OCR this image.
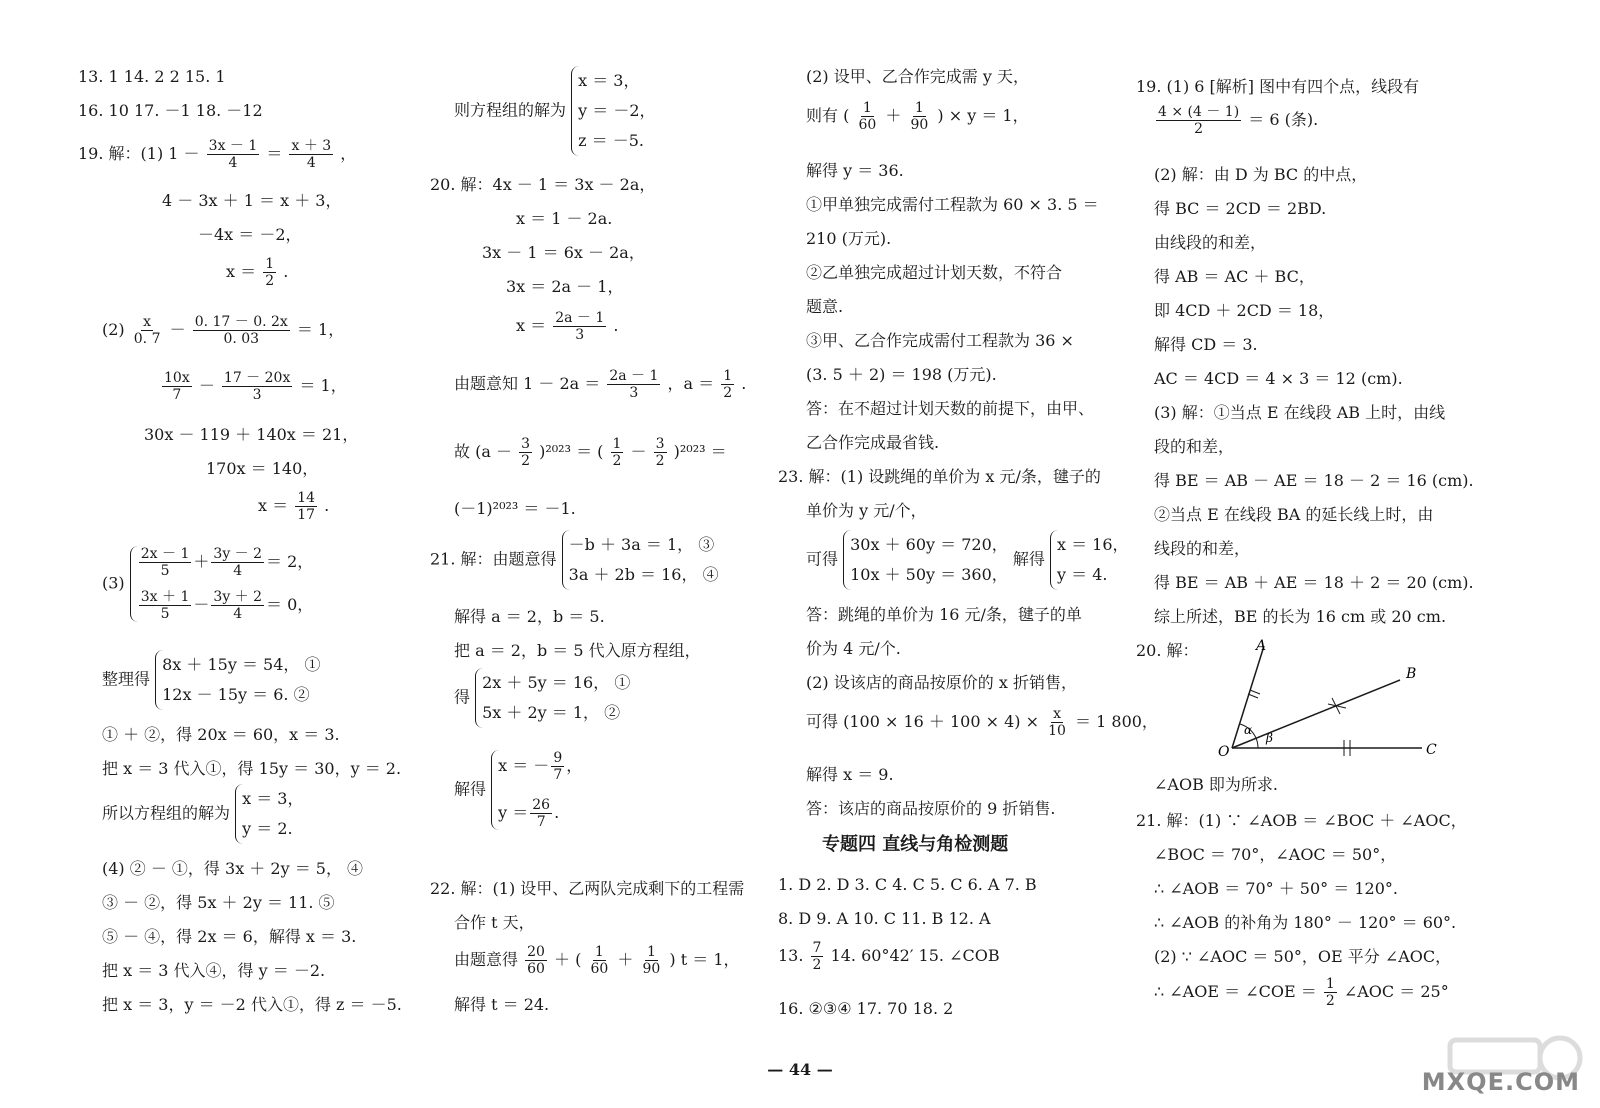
13. 1 14. 2 2 15. 1
16. 10 17. －1 18. －12
19. 解：(1) $1 - \frac{3x - 1}{4} = \frac{x + 3}{4}$ ，
4 － 3x ＋ 1 ＝ x ＋ 3，
－4x ＝ －2，
$x = \frac{1}{2}$ .
$(2) \frac{x}{0. 7} - \frac{0. 17 - 0. 2x}{0. 03} = 1$，
$\frac{10x}{7} - \frac{17 - 20x}{3} = 1$，
30x － 119 ＋ 140x ＝ 21，
170x ＝ 140，
$x = \frac{14}{17}$ .
(3)
$\frac{2x - 1}{5} + \frac{3y - 2}{4} = 2$，
$\frac{3x + 1}{5} - \frac{3y + 2}{4} = 0$，
整理得
8x ＋ 15y ＝ 54， ①
12x － 15y ＝ 6. ②
① ＋ ②，得 20x ＝ 60，x ＝ 3.
把 x ＝ 3 代入①，得 15y ＝ 30，y ＝ 2.
所以方程组的解为
x ＝ 3，
y ＝ 2.
(4) ② － ①，得 3x ＋ 2y ＝ 5， ④
③ － ②，得 5x ＋ 2y ＝ 11. ⑤
⑤ － ④，得 2x ＝ 6，解得 x ＝ 3.
把 x ＝ 3 代入④，得 y ＝ －2.
把 x ＝ 3，y ＝ －2 代入①，得 z ＝ －5.
则方程组的解为
x ＝ 3，
y ＝ －2，
z ＝ －5.
20. 解：4x － 1 ＝ 3x － 2a，
x ＝ 1 － 2a.
3x － 1 ＝ 6x － 2a，
3x ＝ 2a － 1，
$x = \frac{2a - 1}{3}$ .
由题意知 $1 - 2a = \frac{2a - 1}{3}$ ，$a = \frac{1}{2}$ .
故 $(a - \frac{3}{2} )^{2023}$ ＝ ( $\frac{1}{2} - \frac{3}{2} )^{2023}$ ＝
(－1)²⁰²³ ＝ －1.
21. 解：由题意得
－b ＋ 3a ＝ 1， ③
3a ＋ 2b ＝ 16， ④
解得 a ＝ 2，b ＝ 5.
把 a ＝ 2，b ＝ 5 代入原方程组，
得
2x ＋ 5y ＝ 16， ①
5x ＋ 2y ＝ 1， ②
解得
x ＝ － $\frac{9}{7}$ ，
$y = \frac{26}{7}$ .
22. 解：(1) 设甲、乙两队完成剩下的工程需
合作 t 天，
由题意得 $\frac{20}{60}$ ＋ ( $\frac{1}{60} + \frac{1}{90}$ ) t ＝ 1，
解得 t ＝ 24.
(2) 设甲、乙合作完成需 y 天，
则有 ( $\frac{1}{60} + \frac{1}{90}$ ) × y ＝ 1，
解得 y ＝ 36.
①甲单独完成需付工程款为 60 × 3. 5 ＝
210 (万元).
②乙单独完成超过计划天数，不符合
题意.
③甲、乙合作完成需付工程款为 36 ×
(3. 5 ＋ 2) ＝ 198 (万元).
答：在不超过计划天数的前提下，由甲、
乙合作完成最省钱.
23. 解：(1) 设跳绳的单价为 x 元/条，毽子的
单价为 y 元/个，
可得
30x ＋ 60y ＝ 720，
10x ＋ 50y ＝ 360，
解得
x ＝ 16，
y ＝ 4.
答：跳绳的单价为 16 元/条，毽子的单
价为 4 元/个.
(2) 设该店的商品按原价的 x 折销售，
可得 $(100 \times 16 + 100 \times 4) \times \frac{x}{10} = 1$ 800，
解得 x ＝ 9.
答：该店的商品按原价的 9 折销售.
专题四 直线与角检测题
1. D 2. D 3. C 4. C 5. C 6. A 7. B
8. D 9. A 10. C 11. B 12. A
13. $\frac{7}{2} 14$. 60°42′ 15. ∠COB
16. ②③④ 17. 70 18. 2
19. (1) 6 [解析] 图中有四个点，线段有
$\frac{4 \times (4 - 1)}{2} = 6$ (条).
(2) 解：由 D 为 BC 的中点，
得 BC ＝ 2CD ＝ 2BD.
由线段的和差，
得 AB ＝ AC ＋ BC，
即 4CD ＋ 2CD ＝ 18，
解得 CD ＝ 3.
AC ＝ 4CD ＝ 4 × 3 ＝ 12 (cm).
(3) 解：①当点 E 在线段 AB 上时，由线
段的和差，
得 BE ＝ AB － AE ＝ 18 － 2 ＝ 16 (cm).
②当点 E 在线段 BA 的延长线上时，由
线段的和差，
得 BE ＝ AB ＋ AE ＝ 18 ＋ 2 ＝ 20 (cm).
综上所述，BE 的长为 16 cm 或 20 cm.
20. 解：	A
B
C
O
α
β
∠AOB 即为所求.
21. 解：(1) ∵ ∠AOB ＝ ∠BOC ＋ ∠AOC，
∠BOC ＝ 70°，∠AOC ＝ 50°，
∴ ∠AOB ＝ 70° ＋ 50° ＝ 120°.
∴ ∠AOB 的补角为 180° － 120° ＝ 60°.
(2) ∵ ∠AOC ＝ 50°，OE 平分 ∠AOC，
∴ ∠AOE ＝ ∠COE ＝ $\frac{1}{2}$ ∠AOC ＝ 25°
— 44 —	MXQE.COM
